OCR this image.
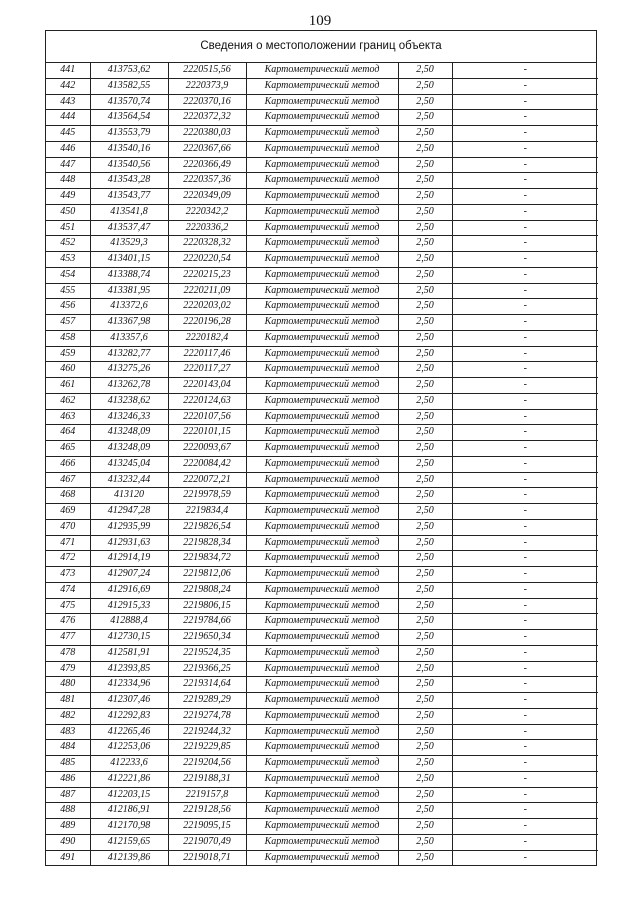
109
Сведения о местоположении границ объекта
441	413753,62	2220515,56	Картометрический метод	2,50	-
442	413582,55	2220373,9	Картометрический метод	2,50	-
443	413570,74	2220370,16	Картометрический метод	2,50	-
444	413564,54	2220372,32	Картометрический метод	2,50	-
445	413553,79	2220380,03	Картометрический метод	2,50	-
446	413540,16	2220367,66	Картометрический метод	2,50	-
447	413540,56	2220366,49	Картометрический метод	2,50	-
448	413543,28	2220357,36	Картометрический метод	2,50	-
449	413543,77	2220349,09	Картометрический метод	2,50	-
450	413541,8	2220342,2	Картометрический метод	2,50	-
451	413537,47	2220336,2	Картометрический метод	2,50	-
452	413529,3	2220328,32	Картометрический метод	2,50	-
453	413401,15	2220220,54	Картометрический метод	2,50	-
454	413388,74	2220215,23	Картометрический метод	2,50	-
455	413381,95	2220211,09	Картометрический метод	2,50	-
456	413372,6	2220203,02	Картометрический метод	2,50	-
457	413367,98	2220196,28	Картометрический метод	2,50	-
458	413357,6	2220182,4	Картометрический метод	2,50	-
459	413282,77	2220117,46	Картометрический метод	2,50	-
460	413275,26	2220117,27	Картометрический метод	2,50	-
461	413262,78	2220143,04	Картометрический метод	2,50	-
462	413238,62	2220124,63	Картометрический метод	2,50	-
463	413246,33	2220107,56	Картометрический метод	2,50	-
464	413248,09	2220101,15	Картометрический метод	2,50	-
465	413248,09	2220093,67	Картометрический метод	2,50	-
466	413245,04	2220084,42	Картометрический метод	2,50	-
467	413232,44	2220072,21	Картометрический метод	2,50	-
468	413120	2219978,59	Картометрический метод	2,50	-
469	412947,28	2219834,4	Картометрический метод	2,50	-
470	412935,99	2219826,54	Картометрический метод	2,50	-
471	412931,63	2219828,34	Картометрический метод	2,50	-
472	412914,19	2219834,72	Картометрический метод	2,50	-
473	412907,24	2219812,06	Картометрический метод	2,50	-
474	412916,69	2219808,24	Картометрический метод	2,50	-
475	412915,33	2219806,15	Картометрический метод	2,50	-
476	412888,4	2219784,66	Картометрический метод	2,50	-
477	412730,15	2219650,34	Картометрический метод	2,50	-
478	412581,91	2219524,35	Картометрический метод	2,50	-
479	412393,85	2219366,25	Картометрический метод	2,50	-
480	412334,96	2219314,64	Картометрический метод	2,50	-
481	412307,46	2219289,29	Картометрический метод	2,50	-
482	412292,83	2219274,78	Картометрический метод	2,50	-
483	412265,46	2219244,32	Картометрический метод	2,50	-
484	412253,06	2219229,85	Картометрический метод	2,50	-
485	412233,6	2219204,56	Картометрический метод	2,50	-
486	412221,86	2219188,31	Картометрический метод	2,50	-
487	412203,15	2219157,8	Картометрический метод	2,50	-
488	412186,91	2219128,56	Картометрический метод	2,50	-
489	412170,98	2219095,15	Картометрический метод	2,50	-
490	412159,65	2219070,49	Картометрический метод	2,50	-
491	412139,86	2219018,71	Картометрический метод	2,50	-
